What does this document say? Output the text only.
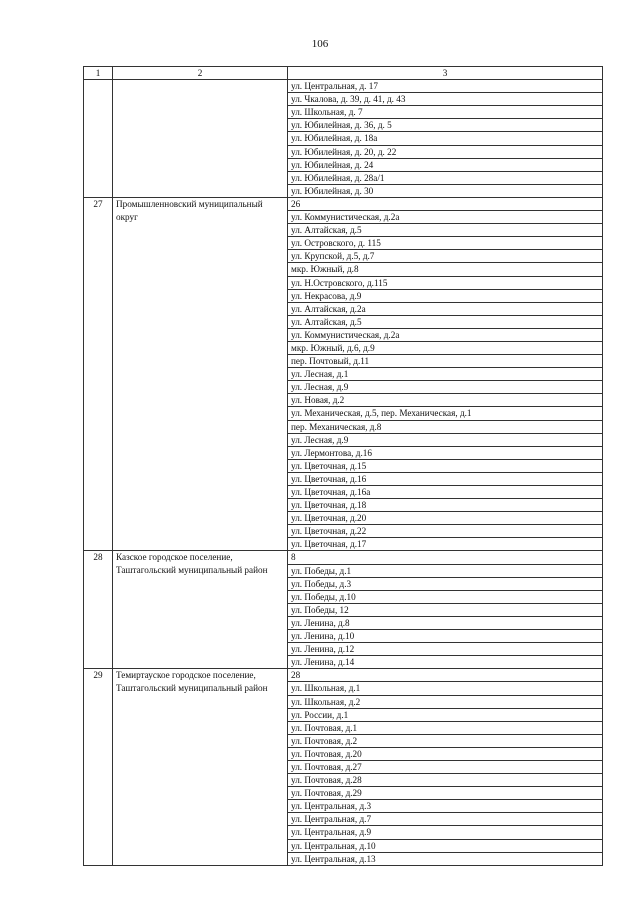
106
1	2	3
		ул. Центральная, д. 17
		ул. Чкалова, д. 39, д. 41, д. 43
		ул. Школьная, д. 7
		ул. Юбилейная, д. 36, д. 5
		ул. Юбилейная, д. 18а
		ул. Юбилейная, д. 20, д. 22
		ул. Юбилейная, д. 24
		ул. Юбилейная, д. 28а/1
		ул. Юбилейная, д. 30
27	Промышленновский муниципальный округ	26
		ул. Коммунистическая, д.2а
		ул. Алтайская, д.5
		ул. Островского, д. 115
		ул. Крупской, д.5, д.7
		мкр. Южный, д.8
		ул. Н.Островского, д.115
		ул. Некрасова, д.9
		ул. Алтайская, д.2а
		ул. Алтайская, д.5
		ул. Коммунистическая, д.2а
		мкр. Южный, д.6, д.9
		пер. Почтовый, д.11
		ул. Лесная, д.1
		ул. Лесная, д.9
		ул. Новая, д.2
		ул. Механическая, д.5, пер. Механическая, д.1
		пер. Механическая, д.8
		ул. Лесная, д.9
		ул. Лермонтова, д.16
		ул. Цветочная, д.15
		ул. Цветочная, д.16
		ул. Цветочная, д.16а
		ул. Цветочная, д.18
		ул. Цветочная, д.20
		ул. Цветочная, д.22
		ул. Цветочная, д.17
28	Казское городское поселение, Таштагольский муниципальный район	8
		ул. Победы, д.1
		ул. Победы, д.3
		ул. Победы, д.10
		ул. Победы, 12
		ул. Ленина, д.8
		ул. Ленина, д.10
		ул. Ленина, д.12
		ул. Ленина, д.14
29	Темиртауское городское поселение, Таштагольский муниципальный район	28
		ул. Школьная, д.1
		ул. Школьная, д.2
		ул. России, д.1
		ул. Почтовая, д.1
		ул. Почтовая, д.2
		ул. Почтовая, д.20
		ул. Почтовая, д.27
		ул. Почтовая, д.28
		ул. Почтовая, д.29
		ул. Центральная, д.3
		ул. Центральная, д.7
		ул. Центральная, д.9
		ул. Центральная, д.10
		ул. Центральная, д.13
